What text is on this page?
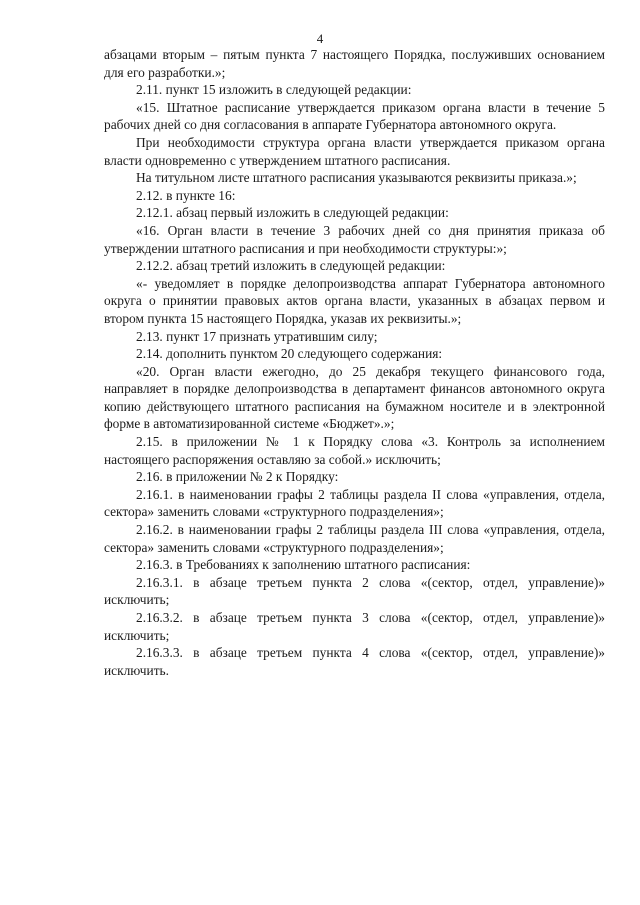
4

абзацами вторым – пятым пункта 7 настоящего Порядка, послуживших основанием для его разработки.»;

2.11. пункт 15 изложить в следующей редакции:

«15. Штатное расписание утверждается приказом органа власти в течение 5 рабочих дней со дня согласования в аппарате Губернатора автономного округа.

При необходимости структура органа власти утверждается приказом органа власти одновременно с утверждением штатного расписания.

На титульном листе штатного расписания указываются реквизиты приказа.»;

2.12. в пункте 16:

2.12.1. абзац первый изложить в следующей редакции:

«16. Орган власти в течение 3 рабочих дней со дня принятия приказа об утверждении штатного расписания и при необходимости структуры:»;

2.12.2. абзац третий изложить в следующей редакции:

«- уведомляет в порядке делопроизводства аппарат Губернатора автономного округа о принятии правовых актов органа власти, указанных в абзацах первом и втором пункта 15 настоящего Порядка, указав их реквизиты.»;

2.13. пункт 17 признать утратившим силу;

2.14. дополнить пунктом 20 следующего содержания:

«20. Орган власти ежегодно, до 25 декабря текущего финансового года, направляет в порядке делопроизводства в департамент финансов автономного округа копию действующего штатного расписания на бумажном носителе и в электронной форме в автоматизированной системе «Бюджет».»;

2.15. в приложении № 1 к Порядку слова «3. Контроль за исполнением настоящего распоряжения оставляю за собой.» исключить;

2.16. в приложении № 2 к Порядку:

2.16.1. в наименовании графы 2 таблицы раздела II слова «управления, отдела, сектора» заменить словами «структурного подразделения»;

2.16.2. в наименовании графы 2 таблицы раздела III слова «управления, отдела, сектора» заменить словами «структурного подразделения»;

2.16.3. в Требованиях к заполнению штатного расписания:

2.16.3.1. в абзаце третьем пункта 2 слова «(сектор, отдел, управление)» исключить;

2.16.3.2. в абзаце третьем пункта 3 слова «(сектор, отдел, управление)» исключить;

2.16.3.3. в абзаце третьем пункта 4 слова «(сектор, отдел, управление)» исключить.
